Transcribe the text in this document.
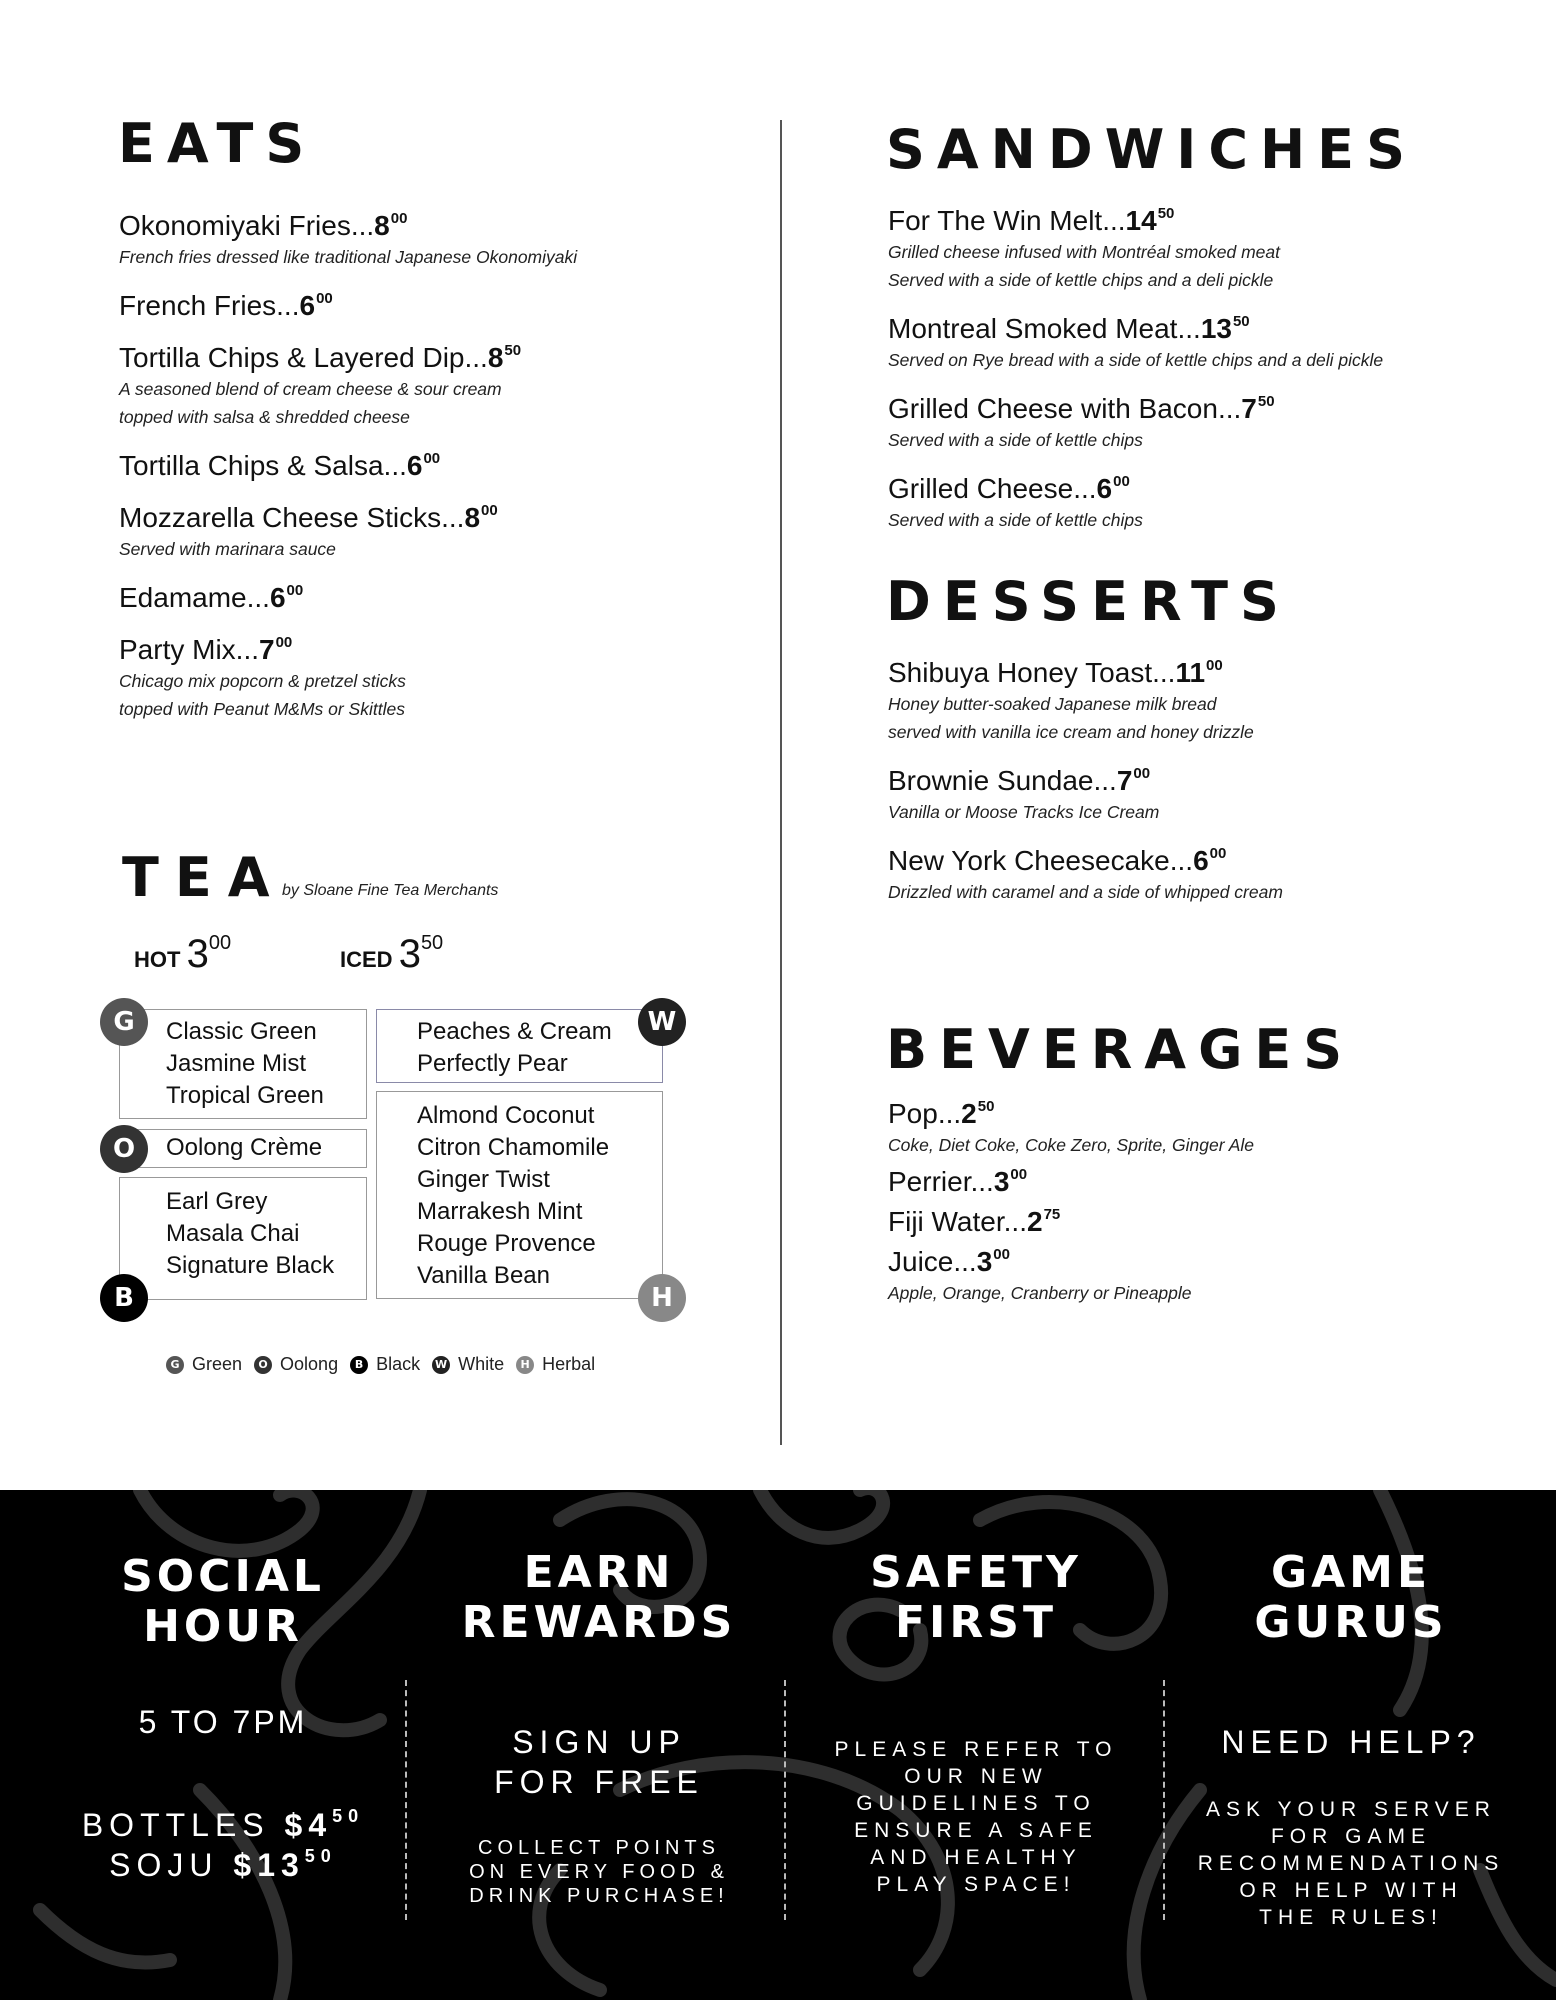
EATS
Okonomiyaki Fries...8$^{00}$
French fries dressed like traditional Japanese Okonomiyaki
French Fries...6$^{00}$
Tortilla Chips & Layered Dip...8$^{50}$
A seasoned blend of cream cheese & sour cream
topped with salsa & shredded cheese
Tortilla Chips & Salsa...6$^{00}$
Mozzarella Cheese Sticks...8$^{00}$
Served with marinara sauce
Edamame...6$^{00}$
Party Mix...7$^{00}$
Chicago mix popcorn & pretzel sticks
topped with Peanut M&Ms or Skittles
TEA
by Sloane Fine Tea Merchants
HOT $3^{00}$
ICED $3^{50}$
Classic Green
Jasmine Mist
Tropical Green
G
Oolong Crème
O
Earl Grey
Masala Chai
Signature Black
B
Peaches & Cream
Perfectly Pear
W
Almond Coconut
Citron Chamomile
Ginger Twist
Marrakesh Mint
Rouge Provence
Vanilla Bean
H
G Green	O Oolong	B Black W White	H Herbal
SANDWICHES
For The Win Melt...14$^{50}$
Grilled cheese infused with Montréal smoked meat
Served with a side of kettle chips and a deli pickle
Montreal Smoked Meat...13$^{50}$
Served on Rye bread with a side of kettle chips and a deli pickle
Grilled Cheese with Bacon...7$^{50}$
Served with a side of kettle chips
Grilled Cheese...6$^{00}$
Served with a side of kettle chips
DESSERTS
Shibuya Honey Toast...11$^{00}$
Honey butter-soaked Japanese milk bread
served with vanilla ice cream and honey drizzle
Brownie Sundae...7$^{00}$
Vanilla or Moose Tracks Ice Cream
New York Cheesecake...6$^{00}$
Drizzled with caramel and a side of whipped cream
BEVERAGES
Pop...2$^{50}$
Coke, Diet Coke, Coke Zero, Sprite, Ginger Ale
Perrier...3$^{00}$
Fiji Water...2$^{75}$
Juice...3$^{00}$
Apple, Orange, Cranberry or Pineapple
SOCIAL
HOUR
5 TO 7PM
BOTTLES $\$4^{50}$
SOJU $\$13^{50}$
EARN
REWARDS
SIGN UP
FOR FREE
COLLECT POINTS
ON EVERY FOOD &
DRINK PURCHASE!
SAFETY
FIRST
PLEASE REFER TO
OUR NEW
GUIDELINES TO
ENSURE A SAFE
AND HEALTHY
PLAY SPACE!
GAME
GURUS
NEED HELP?
ASK YOUR SERVER
FOR GAME
RECOMMENDATIONS
OR HELP WITH
THE RULES!
